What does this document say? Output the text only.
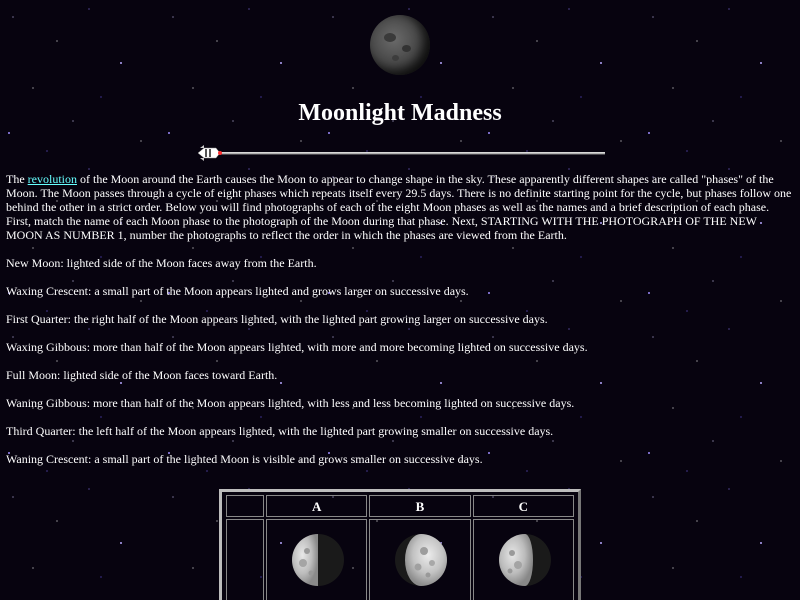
Moonlight Madness

The revolution of the Moon around the Earth causes the Moon to appear to change shape in the sky. These apparently different shapes are called "phases" of the Moon. The Moon passes through a cycle of eight phases which repeats itself every 29.5 days. There is no definite starting point for the cycle, but phases follow one behind the other in a strict order. Below you will find photographs of each of the eight Moon phases as well as the names and a brief description of each phase. First, match the name of each Moon phase to the photograph of the Moon during that phase. Next, STARTING WITH THE PHOTOGRAPH OF THE NEW MOON AS NUMBER 1, number the photographs to reflect the order in which the phases are viewed from the Earth.

New Moon: lighted side of the Moon faces away from the Earth.

Waxing Crescent: a small part of the Moon appears lighted and grows larger on successive days.

First Quarter: the right half of the Moon appears lighted, with the lighted part growing larger on successive days.

Waxing Gibbous: more than half of the Moon appears lighted, with more and more becoming lighted on successive days.

Full Moon: lighted side of the Moon faces toward Earth.

Waning Gibbous: more than half of the Moon appears lighted, with less and less becoming lighted on successive days.

Third Quarter: the left half of the Moon appears lighted, with the lighted part growing smaller on successive days.

Waning Crescent: a small part of the lighted Moon is visible and grows smaller on successive days.

A	B	C
